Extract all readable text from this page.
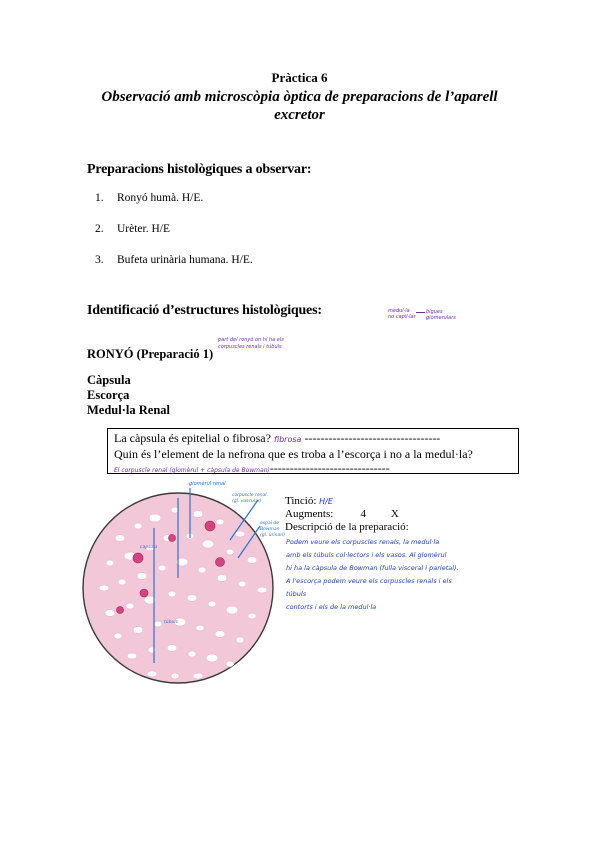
Pràctica 6
Observació amb microscòpia òptica de preparacions de l’aparell
excretor
Preparacions histològiques a observar:
1. Ronyó humà. H/E.
2. Urèter. H/E
3. Bufeta urinària humana. H/E.
Identificació d’estructures histològiques:	medul·la
no capil·lar
bigues
glomerulars
RONYÓ (Preparació 1)
part del ronyó on hi ha els
corpuscles renals i túbuls
Càpsula
Escorça
Medul·la Renal
La càpsula és epitelial o fibrosa? fibrosa ----------------------------------
Quin és l’element de la nefrona que es troba a l’escorça i no a la medul·la?
El corpuscle renal (glomèrul + càpsula de Bowman)------------------------------
glomèrul renal
corpuscle renal
(gl. vascular)
espai de
Bowman
(gl. urinari)
capsula
túbuls
Tinció: H/E
Augments: 4 X
Descripció de la preparació:
Podem veure els corpuscles renals, la medul·la
amb els túbuls col·lectors i els vasos. Al glomèrul
hi ha la càpsula de Bowman (fulla visceral i parietal).
A l'escorça podem veure els corpuscles renals i els túbuls
contorts i els de la medul·la
